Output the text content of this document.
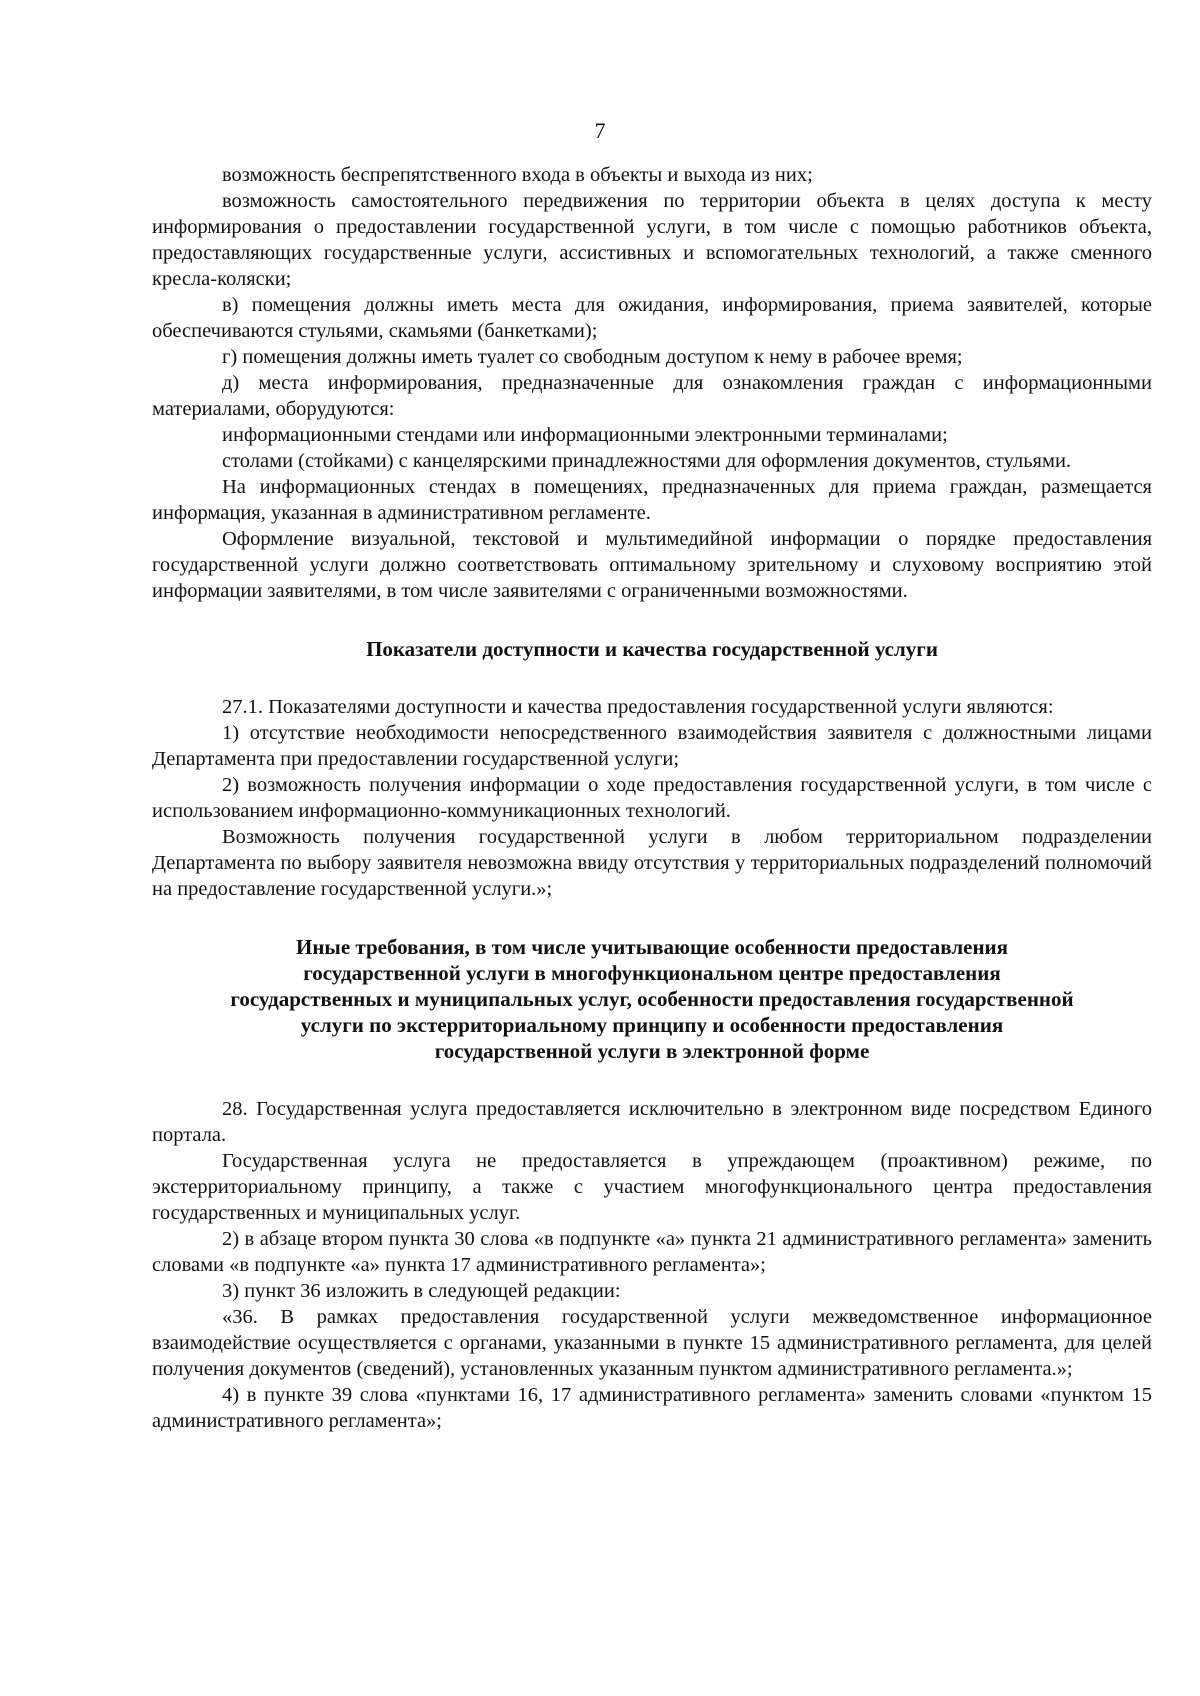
7

возможность беспрепятственного входа в объекты и выхода из них;

возможность самостоятельного передвижения по территории объекта в целях доступа к месту информирования о предоставлении государственной услуги, в том числе с помощью работников объекта, предоставляющих государственные услуги, ассистивных и вспомогательных технологий, а также сменного кресла-коляски;

в) помещения должны иметь места для ожидания, информирования, приема заявителей, которые обеспечиваются стульями, скамьями (банкетками);

г) помещения должны иметь туалет со свободным доступом к нему в рабочее время;

д) места информирования, предназначенные для ознакомления граждан с информационными материалами, оборудуются:

информационными стендами или информационными электронными терминалами;

столами (стойками) с канцелярскими принадлежностями для оформления документов, стульями.

На информационных стендах в помещениях, предназначенных для приема граждан, размещается информация, указанная в административном регламенте.

Оформление визуальной, текстовой и мультимедийной информации о порядке предоставления государственной услуги должно соответствовать оптимальному зрительному и слуховому восприятию этой информации заявителями, в том числе заявителями с ограниченными возможностями.

Показатели доступности и качества государственной услуги

27.1. Показателями доступности и качества предоставления государственной услуги являются:

1) отсутствие необходимости непосредственного взаимодействия заявителя с должностными лицами Департамента при предоставлении государственной услуги;

2) возможность получения информации о ходе предоставления государственной услуги, в том числе с использованием информационно-коммуникационных технологий.

Возможность получения государственной услуги в любом территориальном подразделении Департамента по выбору заявителя невозможна ввиду отсутствия у территориальных подразделений полномочий на предоставление государственной услуги.»;

Иные требования, в том числе учитывающие особенности предоставления

государственной услуги в многофункциональном центре предоставления

государственных и муниципальных услуг, особенности предоставления государственной

услуги по экстерриториальному принципу и особенности предоставления

государственной услуги в электронной форме

28. Государственная услуга предоставляется исключительно в электронном виде посредством Единого портала.

Государственная услуга не предоставляется в упреждающем (проактивном) режиме, по экстерриториальному принципу, а также с участием многофункционального центра предоставления государственных и муниципальных услуг.

2) в абзаце втором пункта 30 слова «в подпункте «а» пункта 21 административного регламента» заменить словами «в подпункте «а» пункта 17 административного регламента»;

3) пункт 36 изложить в следующей редакции:

«36. В рамках предоставления государственной услуги межведомственное информационное взаимодействие осуществляется с органами, указанными в пункте 15 административного регламента, для целей получения документов (сведений), установленных указанным пунктом административного регламента.»;

4) в пункте 39 слова «пунктами 16, 17 административного регламента» заменить словами «пунктом 15 административного регламента»;
